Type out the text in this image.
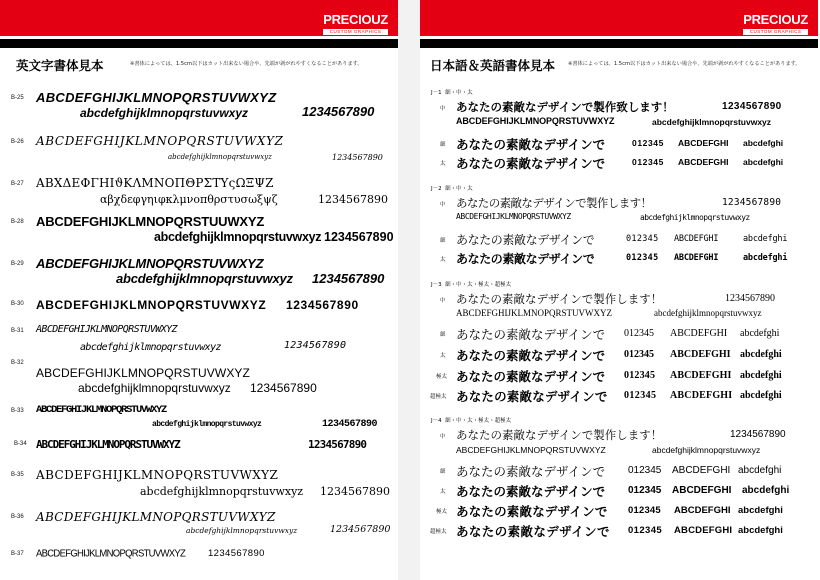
PRECIOUZ
CUSTOM GRAPHICS
英文字書体見本	※書体によっては、1.5cm以下はカット出来ない場合や、先端が剥がれやすくなることがあります。
B-25 ABCDEFGHIJKLMNOPQRSTUVWXYZ
abcdefghijklmnopqrstuvwxyz	1234567890
B-26 ABCDEFGHIJKLMNOPQRSTUVWXYZ
abcdefghijklmnopqrstuvwxyz	1234567890
B-27 ΑΒΧΔΕΦΓΗΙϑΚΛΜΝΟΠΘΡΣΤΥςΩΞΨΖ
αβχδεφγηιφκλμνοπθρστυσωξψζ	1234567890
B-28 ABCDEFGHIJKLMNOPQRSTUUWXYZ
abcdefghijklmnopqrstuvwxyz 1234567890
B-29 ABCDEFGHIJKLMNOPQRSTUVWXYZ
abcdefghijklmnopqrstuvwxyz 1234567890
B-30 ABCDEFGHIJKLMNOPQRSTUVWXYZ 1234567890
B-31 ABCDEFGHIJKLMNOPQRSTUVWXYZ
abcdefghijklmnopqrstuvwxyz	1234567890
B-32
ABCDEFGHIJKLMNOPQRSTUVWXYZ
abcdefghijklmnopqrstuvwxyz 1234567890
B-33 ABCDEFGHIJKLMNOPQRSTUVWXYZ
abcdefghijklmnopqrstuvwxyz	1234567890
B-34 ABCDEFGHIJKLMNOPQRSTUVWXYZ	1234567890
B-35 ABCDEFGHIJKLMNOPQRSTUVWXYZ
abcdefghijklmnopqrstuvwxyz 1234567890
B-36 ABCDEFGHIJKLMNOPQRSTUVWXYZ
abcdefghijklmnopqrstuvwxyz	1234567890
B-37 ABCDEFGHIJKLMNOPQRSTUVWXYZ 1234567890
PRECIOUZ
CUSTOM GRAPHICS
日本語＆英語書体見本 ※書体によっては、1.5cm以下はカット出来ない場合や、先端が剥がれやすくなることがあります。
J－1 細・中・太
中 あなたの素敵なデザインで製作致します！	1234567890
ABCDEFGHIJKLMNOPQRSTUVWXYZ	abcdefghijklmnopqrstuvwxyz
細 あなたの素敵なデザインで	012345 ABCDEFGHI abcdefghi
太 あなたの素敵なデザインで	012345 ABCDEFGHI abcdefghi
J－2 細・中・太
中 あなたの素敵なデザインで製作します！	1234567890
ABCDEFGHIJKLMNOPQRSTUVWXYZ	abcdefghijklmnopqrstuvwxyz
細 あなたの素敵なデザインで	012345 ABCDEFGHI	abcdefghi
太 あなたの素敵なデザインで	012345 ABCDEFGHI	abcdefghi
J－3 細・中・太・極太・超極太
中 あなたの素敵なデザインで製作します！	1234567890
ABCDEFGHIJKLMNOPQRSTUVWXYZ	abcdefghijklmnopqrstuvwxyz
細 あなたの素敵なデザインで 012345 ABCDEFGHI abcdefghi
太 あなたの素敵なデザインで 012345 ABCDEFGHI abcdefghi
極太 あなたの素敵なデザインで 012345 ABCDEFGHI abcdefghi
超極太 あなたの素敵なデザインで 012345 ABCDEFGHI abcdefghi
J－4 細・中・太・極太・超極太
中 あなたの素敵なデザインで製作します！	1234567890
ABCDEFGHIJKLMNOPQRSTUVWXYZ	abcdefghijklmnopqrstuvwxyz
細 あなたの素敵なデザインで 012345 ABCDEFGHI abcdefghi
太 あなたの素敵なデザインで 012345 ABCDEFGHI abcdefghi
極太 あなたの素敵なデザインで 012345 ABCDEFGHI abcdefghi
超極太 あなたの素敵なデザインで 012345 ABCDEFGHI abcdefghi
